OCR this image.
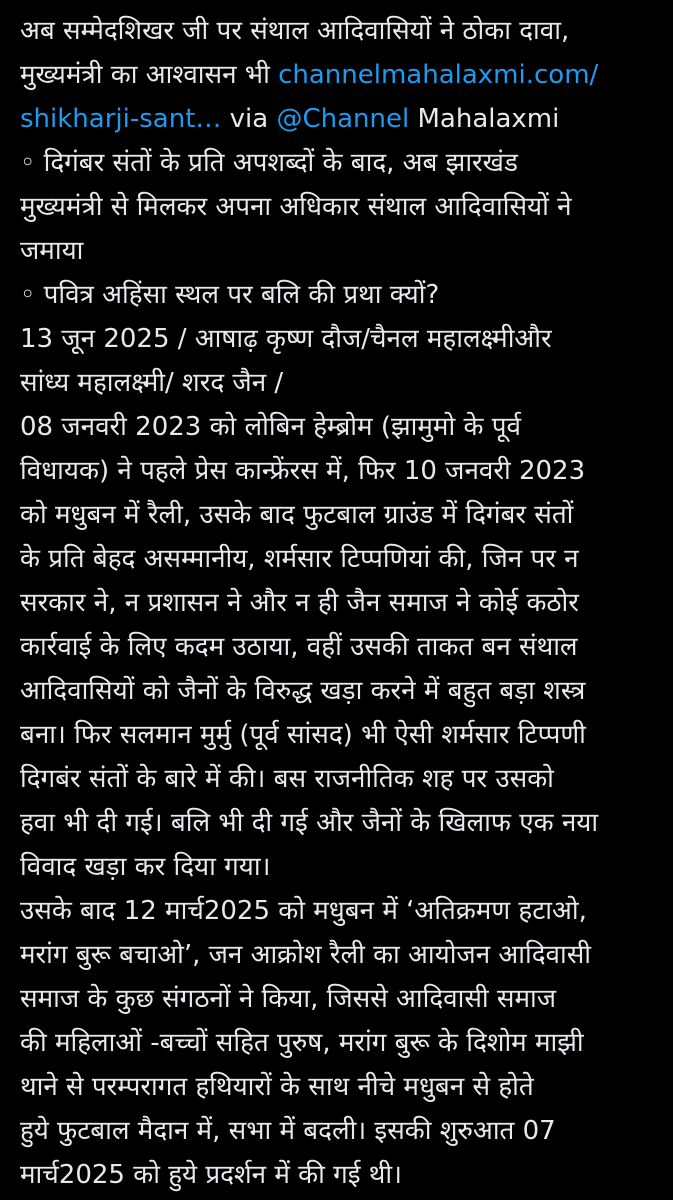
अब सम्मेदशिखर जी पर संथाल आदिवासियों ने ठोका दावा,
मुख्यमंत्री का आश्वासन भी channelmahalaxmi.com/
shikharji-sant… via @Channel Mahalaxmi
◦ दिगंबर संतों के प्रति अपशब्दों के बाद, अब झारखंड
मुख्यमंत्री से मिलकर अपना अधिकार संथाल आदिवासियों ने
जमाया
◦ पवित्र अहिंसा स्थल पर बलि की प्रथा क्यों?
13 जून 2025 / आषाढ़ कृष्ण दौज/चैनल महालक्ष्मीऔर
सांध्य महालक्ष्मी/ शरद जैन /
08 जनवरी 2023 को लोबिन हेम्ब्रोम (झामुमो के पूर्व
विधायक) ने पहले प्रेस कान्फ्रेंरस में, फिर 10 जनवरी 2023
को मधुबन में रैली, उसके बाद फुटबाल ग्राउंड में दिगंबर संतों
के प्रति बेहद असम्मानीय, शर्मसार टिप्पणियां की, जिन पर न
सरकार ने, न प्रशासन ने और न ही जैन समाज ने कोई कठोर
कार्रवाई के लिए कदम उठाया, वहीं उसकी ताकत बन संथाल
आदिवासियों को जैनों के विरुद्ध खड़ा करने में बहुत बड़ा शस्त्र
बना। फिर सलमान मुर्मु (पूर्व सांसद) भी ऐसी शर्मसार टिप्पणी
दिगबंर संतों के बारे में की। बस राजनीतिक शह पर उसको
हवा भी दी गई। बलि भी दी गई और जैनों के खिलाफ एक नया
विवाद खड़ा कर दिया गया।
उसके बाद 12 मार्च2025 को मधुबन में ‘अतिक्रमण हटाओ,
मरांग बुरू बचाओ’, जन आक्रोश रैली का आयोजन आदिवासी
समाज के कुछ संगठनों ने किया, जिससे आदिवासी समाज
की महिलाओं -बच्चों सहित पुरुष, मरांग बुरू के दिशोम माझी
थाने से परम्परागत हथियारों के साथ नीचे मधुबन से होते
हुये फुटबाल मैदान में, सभा में बदली। इसकी शुरुआत 07
मार्च2025 को हुये प्रदर्शन में की गई थी।
